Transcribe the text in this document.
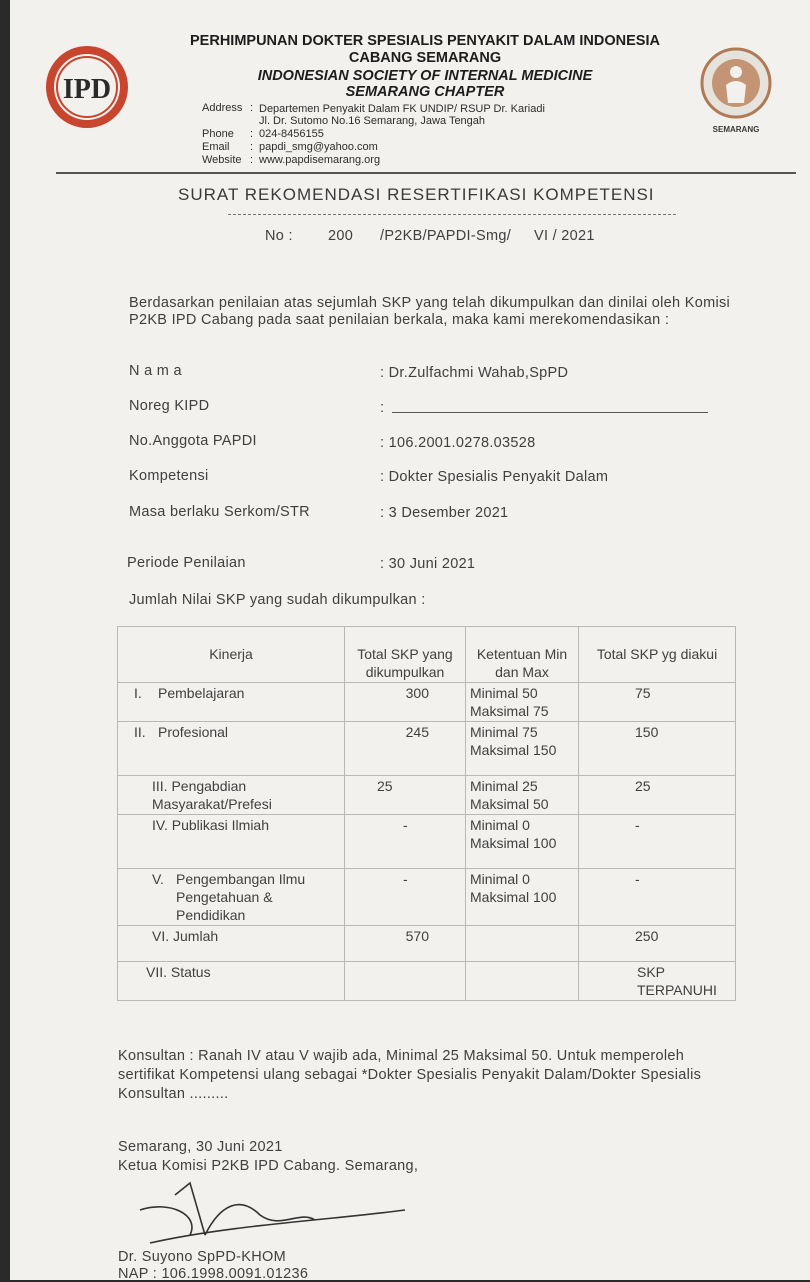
IPD
PERHIMPUNAN DOKTER SPESIALIS PENYAKIT DALAM INDONESIA
CABANG SEMARANG
INDONESIAN SOCIETY OF INTERNAL MEDICINE
SEMARANG CHAPTER
Address : Departemen Penyakit Dalam FK UNDIP/ RSUP Dr. Kariadi
Jl. Dr. Sutomo No.16 Semarang, Jawa Tengah
Phone : 024-8456155
Email : papdi_smg@yahoo.com
Website : www.papdisemarang.org
SEMARANG
SURAT REKOMENDASI RESERTIFIKASI KOMPETENSI
No : 200 /P2KB/PAPDI-Smg/ VI / 2021
Berdasarkan penilaian atas sejumlah SKP yang telah dikumpulkan dan dinilai oleh Komisi P2KB IPD Cabang pada saat penilaian berkala, maka kami merekomendasikan :
N a m a	: Dr.Zulfachmi Wahab,SpPD
Noreg KIPD	:
No.Anggota PAPDI	: 106.2001.0278.03528
Kompetensi	: Dokter Spesialis Penyakit Dalam
Masa berlaku Serkom/STR	: 3 Desember 2021
Periode Penilaian	: 30 Juni 2021
Jumlah Nilai SKP yang sudah dikumpulkan :
Kinerja	Total SKP yang dikumpulkan	Ketentuan Min dan Max	Total SKP yg diakui
I. Pembelajaran	300	Minimal 50 Maksimal 75	75
II. Profesional	245	Minimal 75 Maksimal 150	150
III. Pengabdian Masyarakat/Prefesi	25	Minimal 25 Maksimal 50	25
IV. Publikasi Ilmiah	-	Minimal 0 Maksimal 100	-
V. Pengembangan Ilmu Pengetahuan & Pendidikan	-	Minimal 0 Maksimal 100	-
VI. Jumlah	570		250
VII. Status			SKP TERPANUHI
Konsultan : Ranah IV atau V wajib ada, Minimal 25 Maksimal 50. Untuk memperoleh sertifikat Kompetensi ulang sebagai *Dokter Spesialis Penyakit Dalam/Dokter Spesialis Konsultan .........
Semarang, 30 Juni 2021
Ketua Komisi P2KB IPD Cabang. Semarang,
Dr. Suyono SpPD-KHOM
NAP : 106.1998.0091.01236
